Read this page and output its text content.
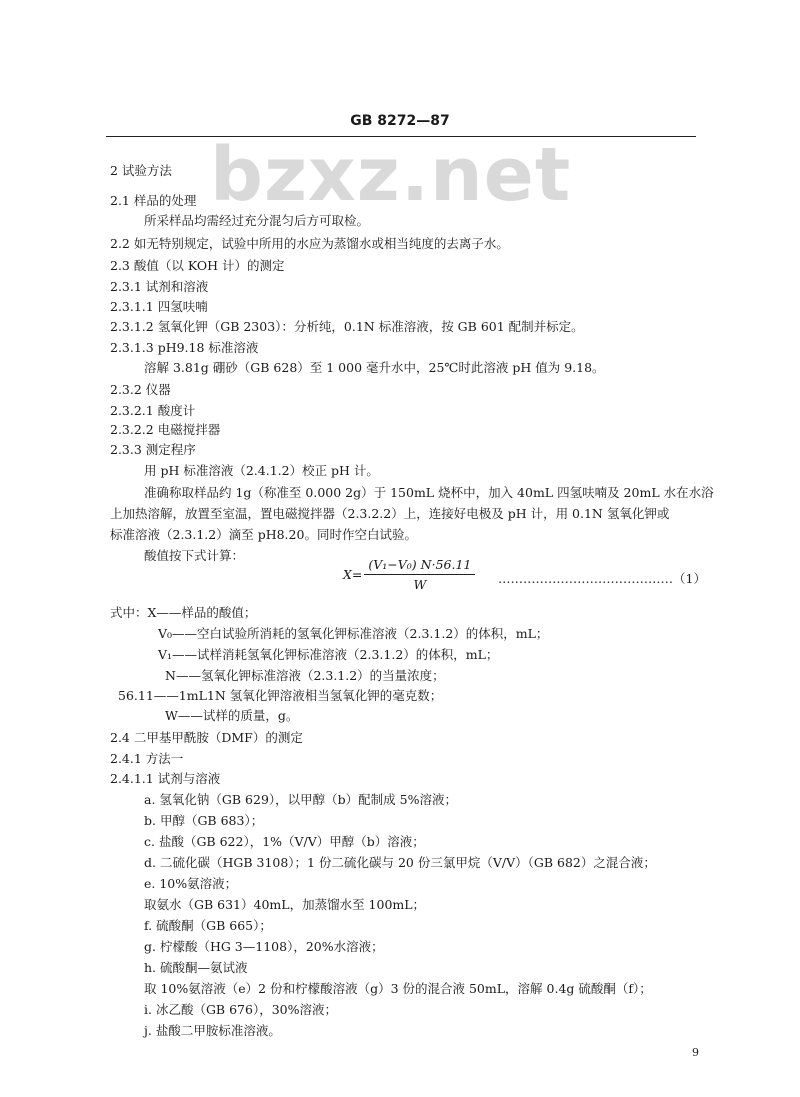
GB 8272—87
bzxz.net
2 试验方法
2.1 样品的处理
所采样品均需经过充分混匀后方可取检。
2.2 如无特别规定，试验中所用的水应为蒸馏水或相当纯度的去离子水。
2.3 酸值（以 KOH 计）的测定
2.3.1 试剂和溶液
2.3.1.1 四氢呋喃
2.3.1.2 氢氧化钾（GB 2303）：分析纯，0.1N 标准溶液，按 GB 601 配制并标定。
2.3.1.3 pH9.18 标准溶液
溶解 3.81g 硼砂（GB 628）至 1 000 毫升水中，25℃时此溶液 pH 值为 9.18。
2.3.2 仪器
2.3.2.1 酸度计
2.3.2.2 电磁搅拌器
2.3.3 测定程序
用 pH 标准溶液（2.4.1.2）校正 pH 计。
准确称取样品约 1g（称准至 0.000 2g）于 150mL 烧杯中，加入 40mL 四氢呋喃及 20mL 水在水浴
上加热溶解，放置至室温，置电磁搅拌器（2.3.2.2）上，连接好电极及 pH 计，用 0.1N 氢氧化钾或
标准溶液（2.3.1.2）滴至 pH8.20。同时作空白试验。
酸值按下式计算：
式中：X——样品的酸值；
V₀——空白试验所消耗的氢氧化钾标准溶液（2.3.1.2）的体积，mL；
V₁——试样消耗氢氧化钾标准溶液（2.3.1.2）的体积，mL；
N——氢氧化钾标准溶液（2.3.1.2）的当量浓度；
56.11——1mL1N 氢氧化钾溶液相当氢氧化钾的毫克数；
W——试样的质量，g。
2.4 二甲基甲酰胺（DMF）的测定
2.4.1 方法一
2.4.1.1 试剂与溶液
a. 氢氧化钠（GB 629），以甲醇（b）配制成 5%溶液；
b. 甲醇（GB 683）；
c. 盐酸（GB 622），1%（V/V）甲醇（b）溶液；
d. 二硫化碳（HGB 3108）；1 份二硫化碳与 20 份三氯甲烷（V/V）（GB 682）之混合液；
e. 10%氨溶液；
取氨水（GB 631）40mL，加蒸馏水至 100mL；
f. 硫酸酮（GB 665）；
g. 柠檬酸（HG 3—1108），20%水溶液；
h. 硫酸酮—氨试液
取 10%氨溶液（e）2 份和柠檬酸溶液（g）3 份的混合液 50mL，溶解 0.4g 硫酸酮（f）；
i. 冰乙酸（GB 676），30%溶液；
j. 盐酸二甲胺标准溶液。
$X= \frac{\text{(V₁−V₀) N·56.11}}{W}$ ……………………………………（1）
9
